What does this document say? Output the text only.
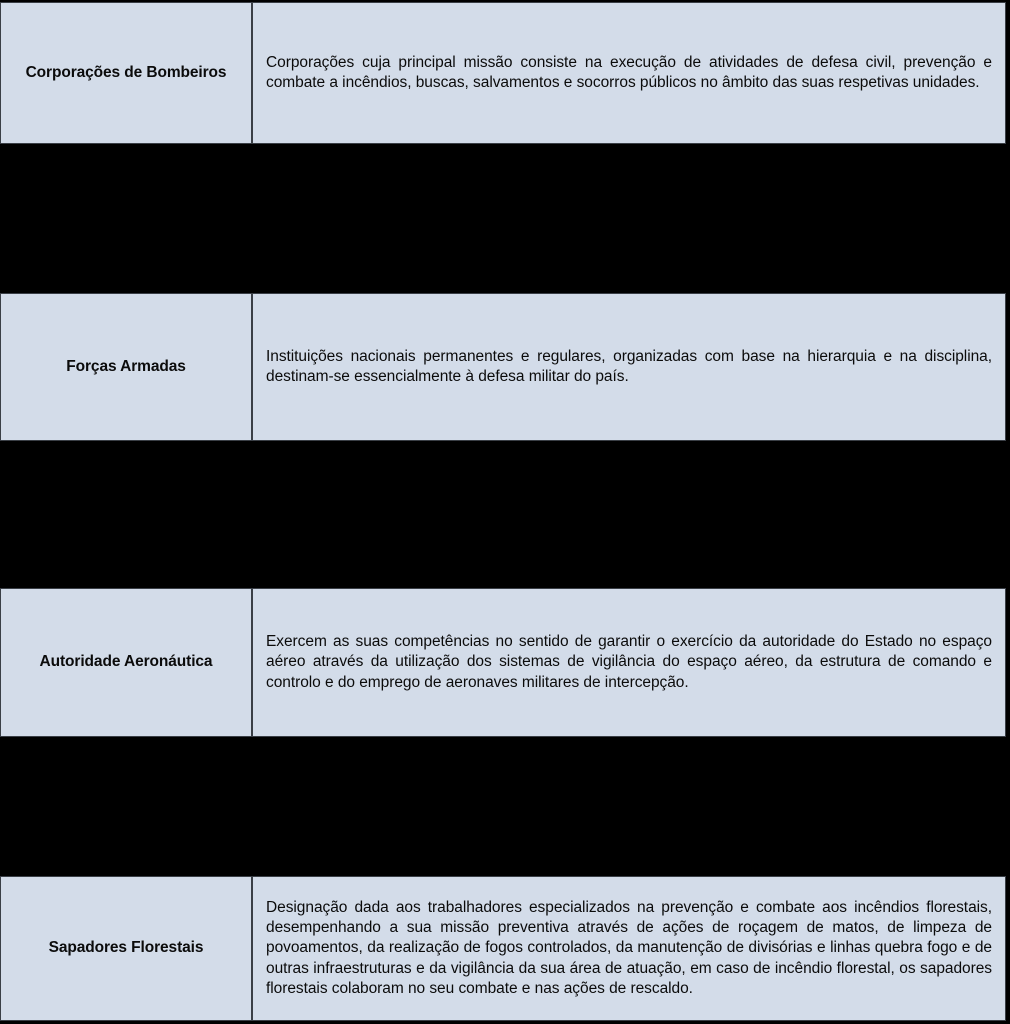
Corporações de Bombeiros
Corporações cuja principal missão consiste na execução de atividades de defesa civil, prevenção e combate a incêndios, buscas, salvamentos e socorros públicos no âmbito das suas respetivas unidades.
Forças Armadas
Instituições nacionais permanentes e regulares, organizadas com base na hierarquia e na disciplina, destinam-se essencialmente à defesa militar do país.
Autoridade Aeronáutica
Exercem as suas competências no sentido de garantir o exercício da autoridade do Estado no espaço aéreo através da utilização dos sistemas de vigilância do espaço aéreo, da estrutura de comando e controlo e do emprego de aeronaves militares de intercepção.
Sapadores Florestais
Designação dada aos trabalhadores especializados na prevenção e combate aos incêndios florestais, desempenhando a sua missão preventiva através de ações de roçagem de matos, de limpeza de povoamentos, da realização de fogos controlados, da manutenção de divisórias e linhas quebra fogo e de outras infraestruturas e da vigilância da sua área de atuação, em caso de incêndio florestal, os sapadores florestais colaboram no seu combate e nas ações de rescaldo.
